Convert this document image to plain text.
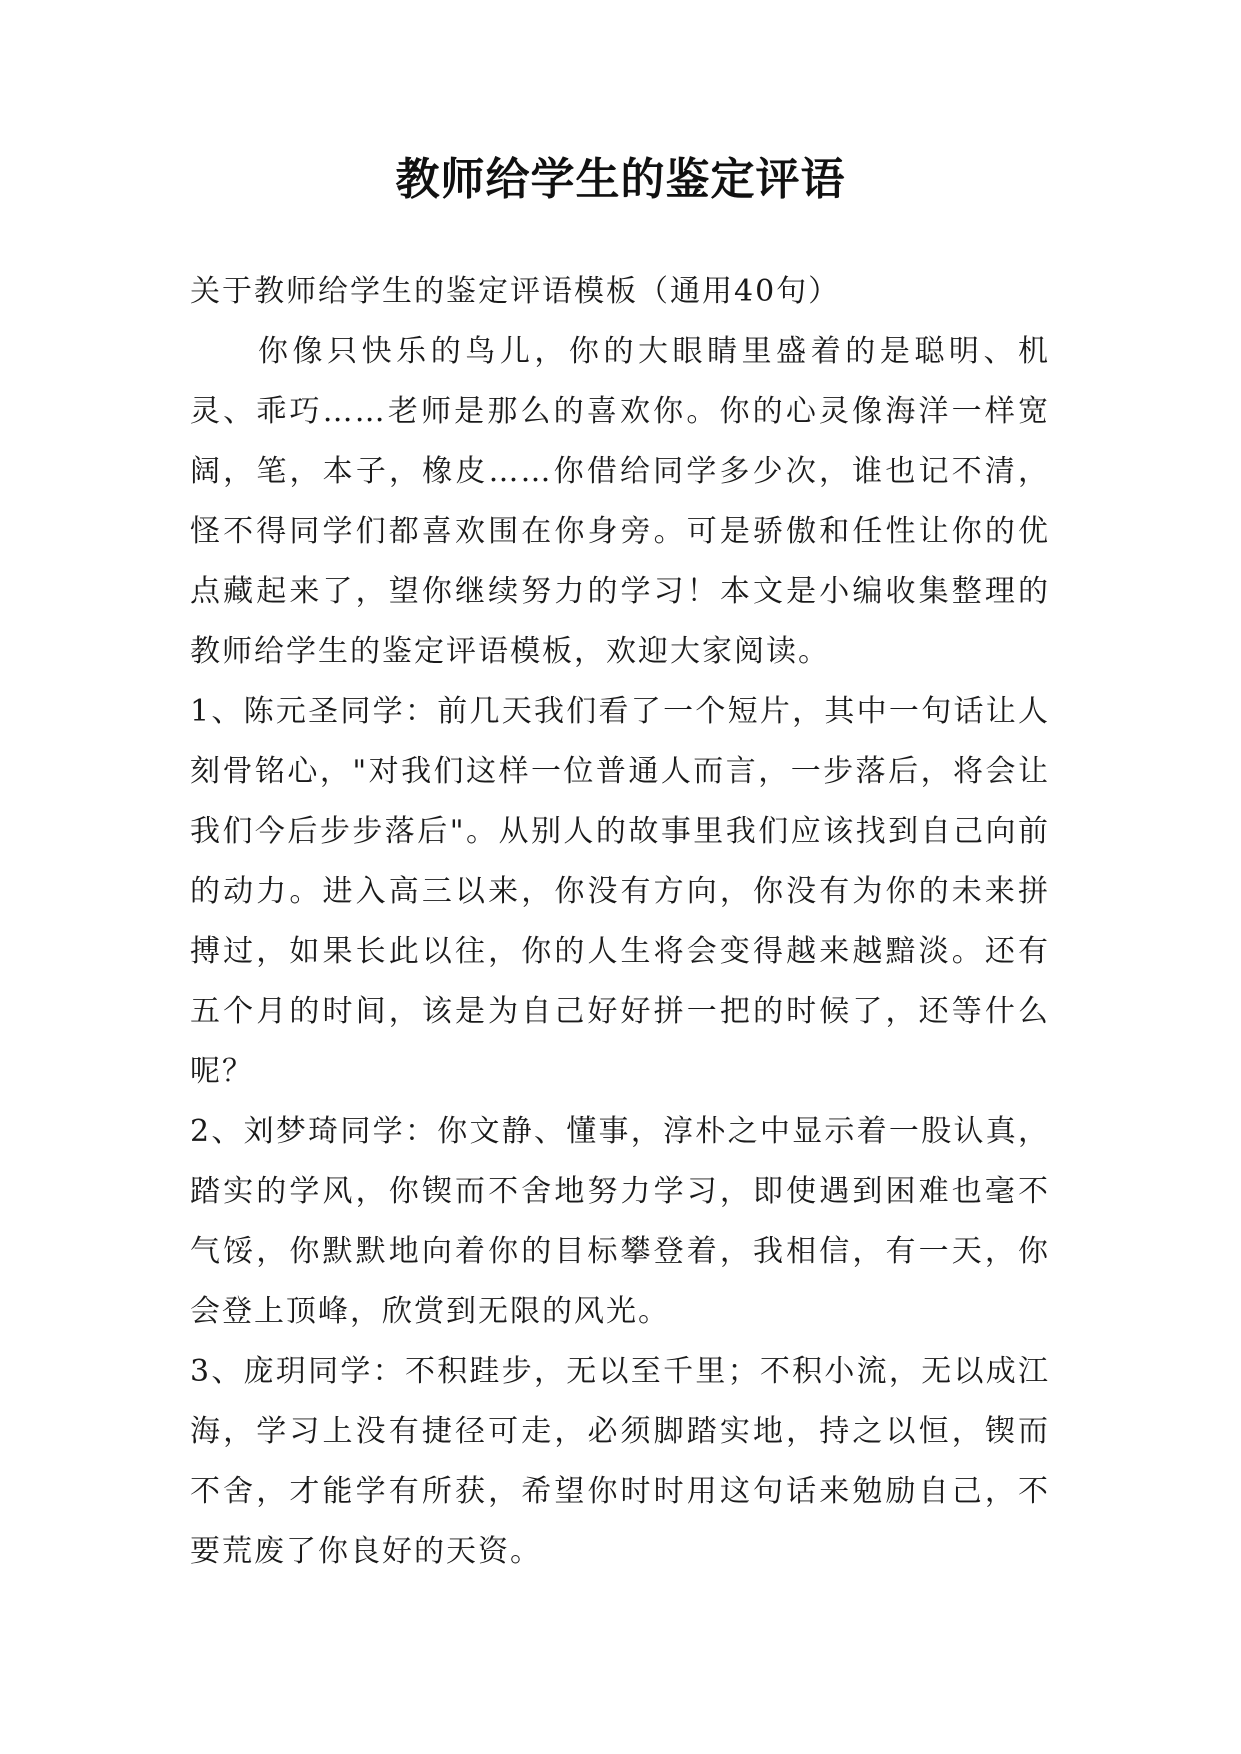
教师给学生的鉴定评语

关于教师给学生的鉴定评语模板（通用40句）

你像只快乐的鸟儿，你的大眼睛里盛着的是聪明、机灵、乖巧……老师是那么的喜欢你。你的心灵像海洋一样宽阔，笔，本子，橡皮……你借给同学多少次，谁也记不清，怪不得同学们都喜欢围在你身旁。可是骄傲和任性让你的优点藏起来了，望你继续努力的学习！本文是小编收集整理的教师给学生的鉴定评语模板，欢迎大家阅读。

1、陈元圣同学：前几天我们看了一个短片，其中一句话让人刻骨铭心，"对我们这样一位普通人而言，一步落后，将会让我们今后步步落后"。从别人的故事里我们应该找到自己向前的动力。进入高三以来，你没有方向，你没有为你的未来拼搏过，如果长此以往，你的人生将会变得越来越黯淡。还有五个月的时间，该是为自己好好拼一把的时候了，还等什么呢？

2、刘梦琦同学：你文静、懂事，淳朴之中显示着一股认真，踏实的学风，你锲而不舍地努力学习，即使遇到困难也毫不气馁，你默默地向着你的目标攀登着，我相信，有一天，你会登上顶峰，欣赏到无限的风光。

3、庞玥同学：不积跬步，无以至千里；不积小流，无以成江海，学习上没有捷径可走，必须脚踏实地，持之以恒，锲而不舍，才能学有所获，希望你时时用这句话来勉励自己，不要荒废了你良好的天资。
